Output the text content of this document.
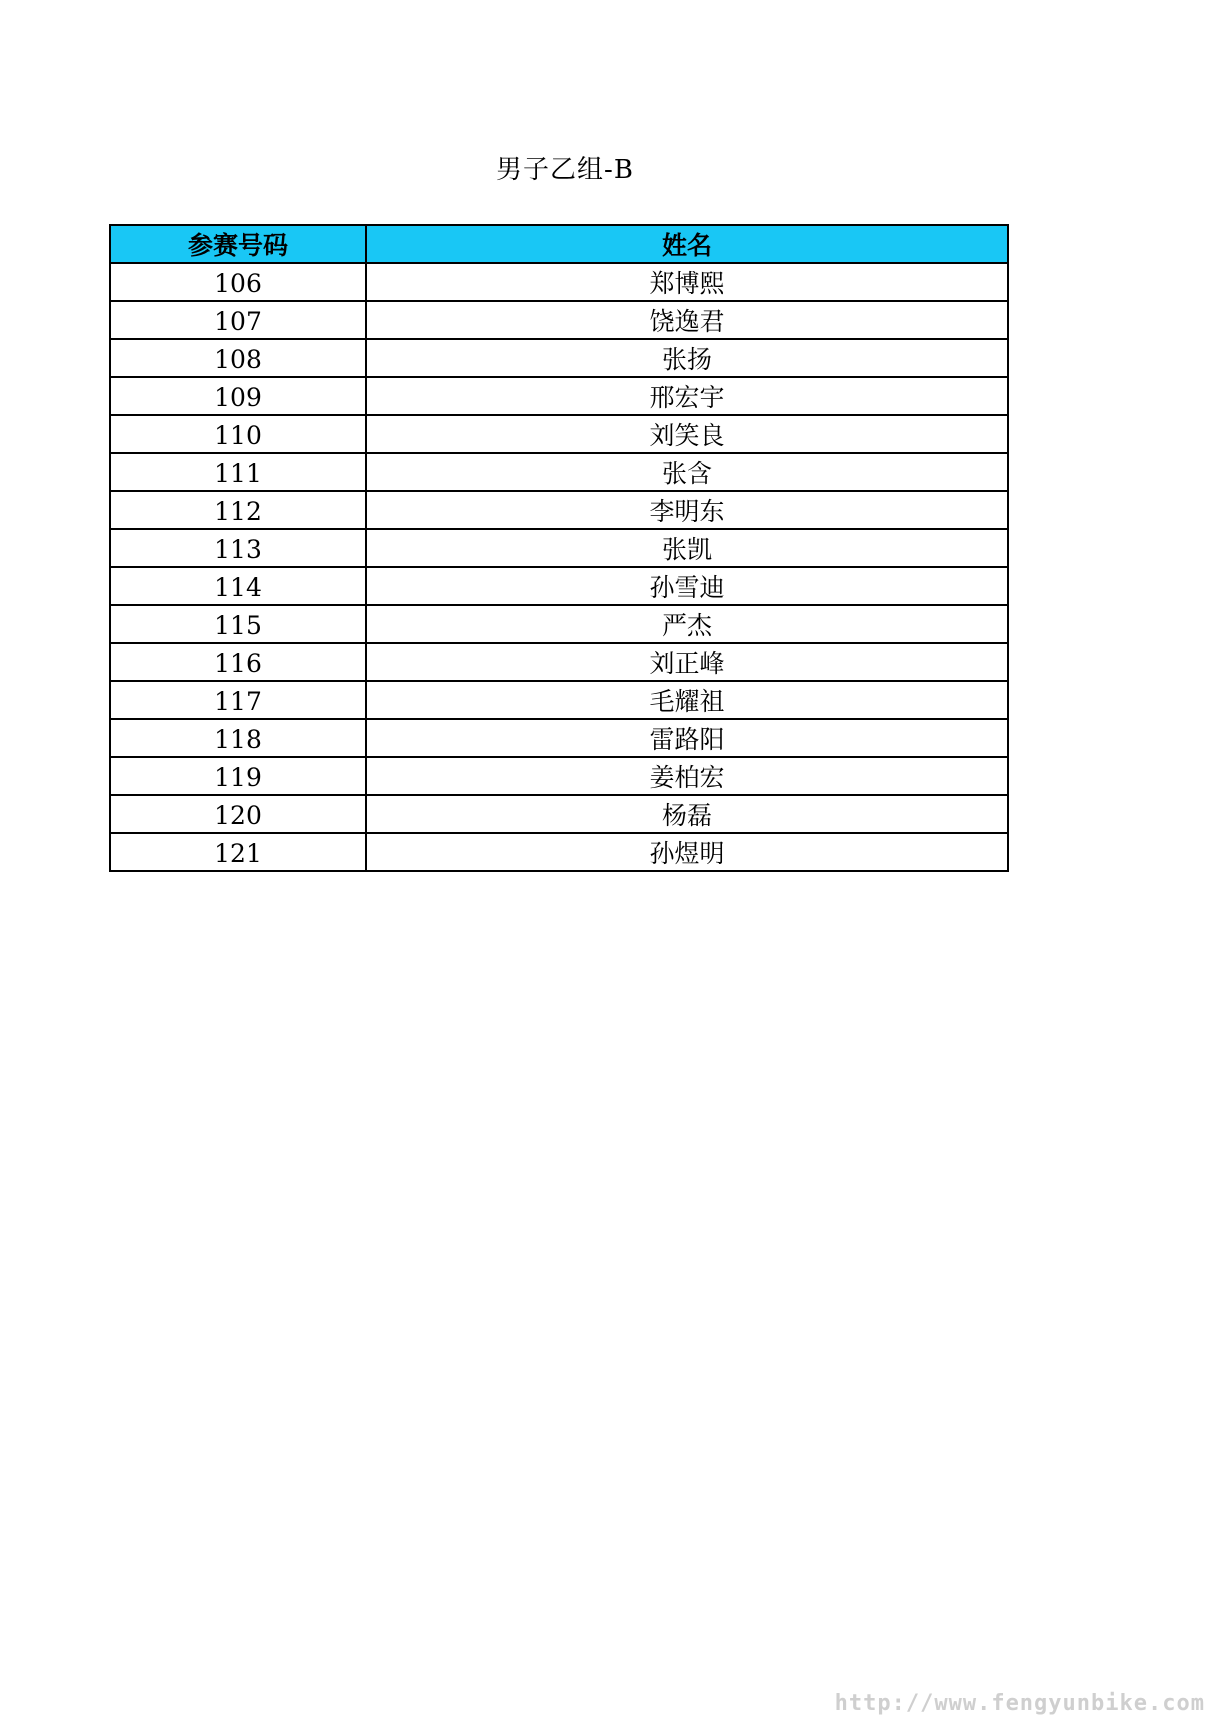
男子乙组-B
参赛号码	姓名
106	郑博熙
107	饶逸君
108	张扬
109	邢宏宇
110	刘笑良
111	张含
112	李明东
113	张凯
114	孙雪迪
115	严杰
116	刘正峰
117	毛耀祖
118	雷路阳
119	姜柏宏
120	杨磊
121	孙煜明
http://www.fengyunbike.com
